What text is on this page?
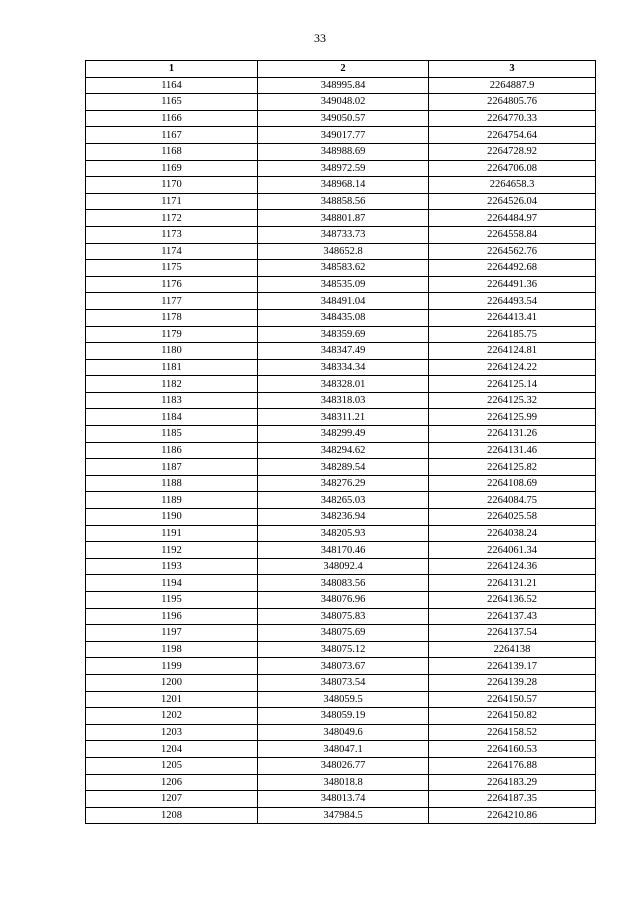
33
1	2	3
1164	348995.84	2264887.9
1165	349048.02	2264805.76
1166	349050.57	2264770.33
1167	349017.77	2264754.64
1168	348988.69	2264728.92
1169	348972.59	2264706.08
1170	348968.14	2264658.3
1171	348858.56	2264526.04
1172	348801.87	2264484.97
1173	348733.73	2264558.84
1174	348652.8	2264562.76
1175	348583.62	2264492.68
1176	348535.09	2264491.36
1177	348491.04	2264493.54
1178	348435.08	2264413.41
1179	348359.69	2264185.75
1180	348347.49	2264124.81
1181	348334.34	2264124.22
1182	348328.01	2264125.14
1183	348318.03	2264125.32
1184	348311.21	2264125.99
1185	348299.49	2264131.26
1186	348294.62	2264131.46
1187	348289.54	2264125.82
1188	348276.29	2264108.69
1189	348265.03	2264084.75
1190	348236.94	2264025.58
1191	348205.93	2264038.24
1192	348170.46	2264061.34
1193	348092.4	2264124.36
1194	348083.56	2264131.21
1195	348076.96	2264136.52
1196	348075.83	2264137.43
1197	348075.69	2264137.54
1198	348075.12	2264138
1199	348073.67	2264139.17
1200	348073.54	2264139.28
1201	348059.5	2264150.57
1202	348059.19	2264150.82
1203	348049.6	2264158.52
1204	348047.1	2264160.53
1205	348026.77	2264176.88
1206	348018.8	2264183.29
1207	348013.74	2264187.35
1208	347984.5	2264210.86
